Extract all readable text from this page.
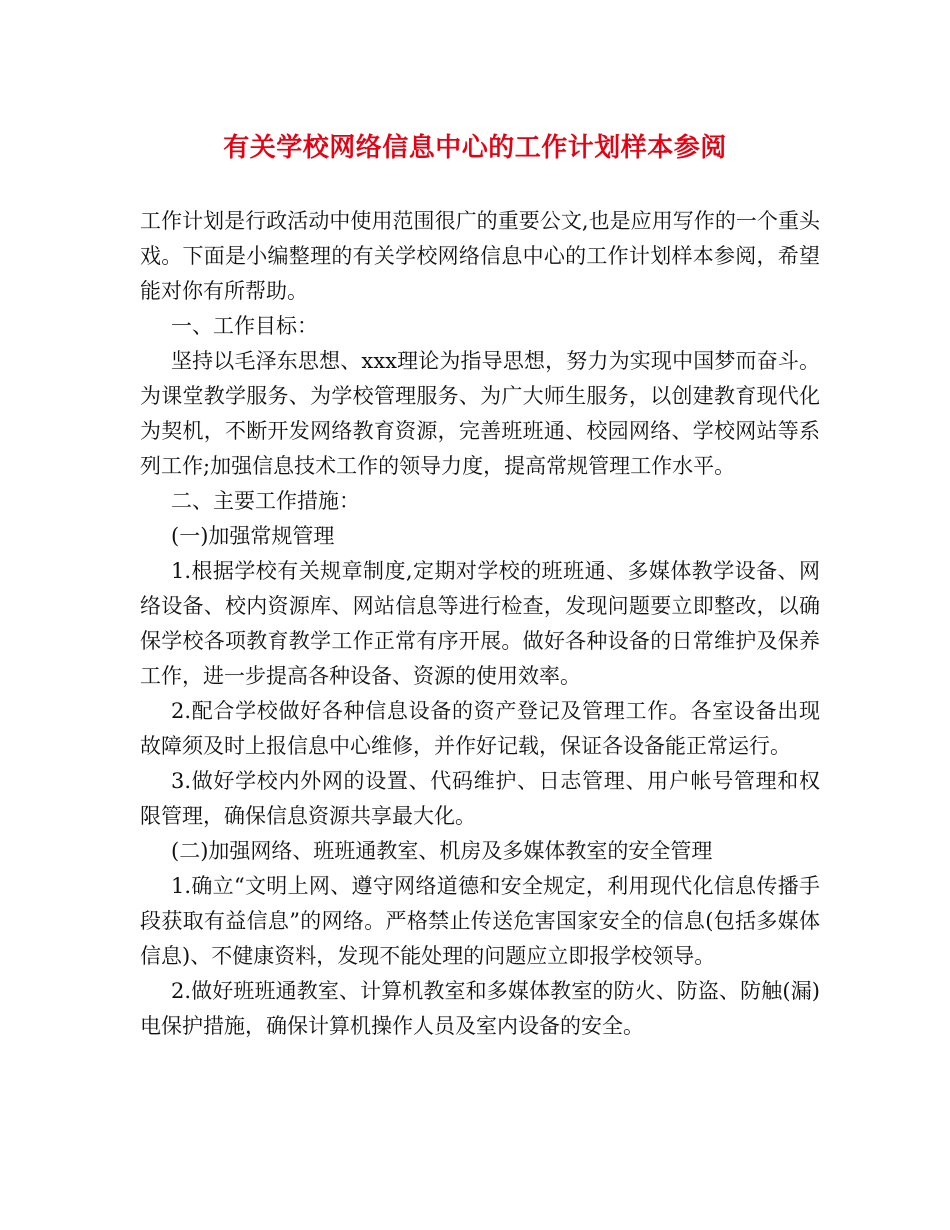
有关学校网络信息中心的工作计划样本参阅

工作计划是行政活动中使用范围很广的重要公文,也是应用写作的一个重头戏。下面是小编整理的有关学校网络信息中心的工作计划样本参阅，希望能对你有所帮助。

一、工作目标：

坚持以毛泽东思想、xxx理论为指导思想，努力为实现中国梦而奋斗。为课堂教学服务、为学校管理服务、为广大师生服务，以创建教育现代化为契机，不断开发网络教育资源，完善班班通、校园网络、学校网站等系列工作;加强信息技术工作的领导力度，提高常规管理工作水平。

二、主要工作措施：

(一)加强常规管理

1.根据学校有关规章制度,定期对学校的班班通、多媒体教学设备、网络设备、校内资源库、网站信息等进行检查，发现问题要立即整改，以确保学校各项教育教学工作正常有序开展。做好各种设备的日常维护及保养工作，进一步提高各种设备、资源的使用效率。

2.配合学校做好各种信息设备的资产登记及管理工作。各室设备出现故障须及时上报信息中心维修，并作好记载，保证各设备能正常运行。

3.做好学校内外网的设置、代码维护、日志管理、用户帐号管理和权限管理，确保信息资源共享最大化。

(二)加强网络、班班通教室、机房及多媒体教室的安全管理

1.确立“文明上网、遵守网络道德和安全规定，利用现代化信息传播手段获取有益信息”的网络。严格禁止传送危害国家安全的信息(包括多媒体信息)、不健康资料，发现不能处理的问题应立即报学校领导。

2.做好班班通教室、计算机教室和多媒体教室的防火、防盗、防触(漏)电保护措施，确保计算机操作人员及室内设备的安全。
